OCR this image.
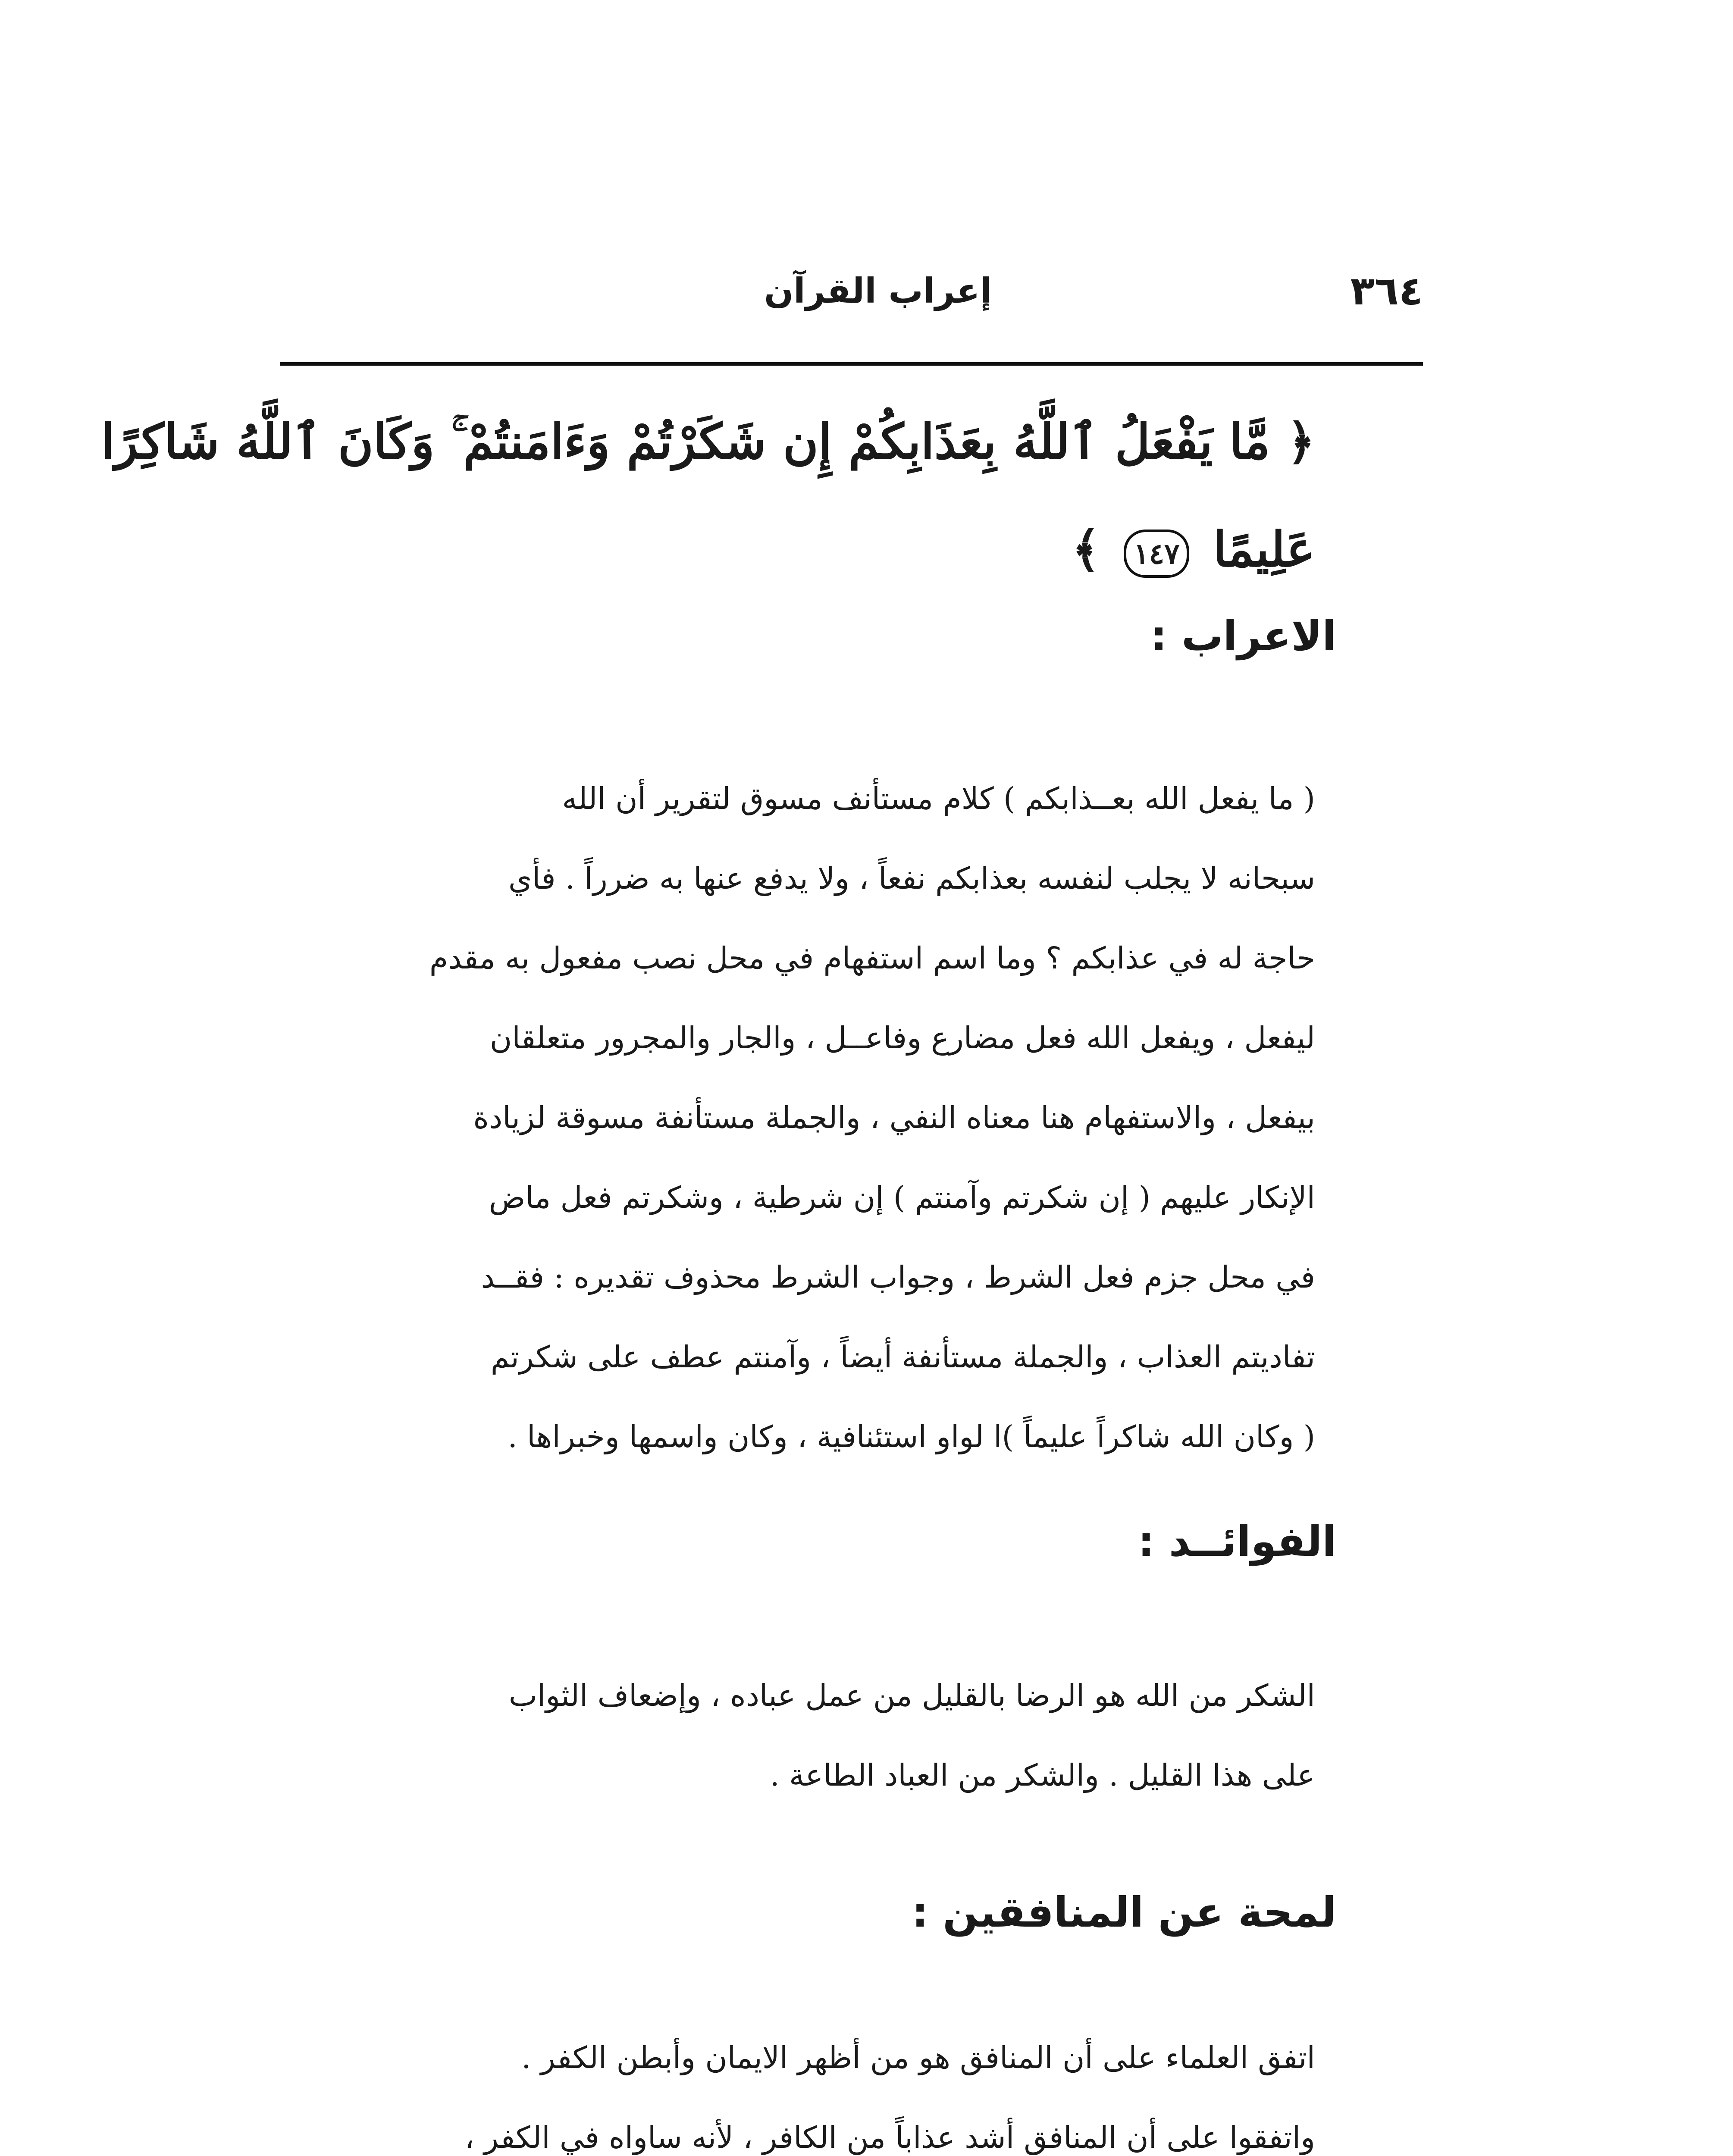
٣٦٤
إعراب القرآن
﴿ مَّا يَفْعَلُ ٱللَّهُ بِعَذَابِكُمْ إِن شَكَرْتُمْ وَءَامَنتُمْ ۚ وَكَانَ ٱللَّهُ شَاكِرًا
عَلِيمًا ١٤٧ ﴾
الاعراب :
( ما يفعل الله بعــذابكم ) كلام مستأنف مسوق لتقرير أن الله
سبحانه لا يجلب لنفسه بعذابكم نفعاً ، ولا يدفع عنها به ضرراً . فأي
حاجة له في عذابكم ؟ وما اسم استفهام في محل نصب مفعول به مقدم
ليفعل ، ويفعل الله فعل مضارع وفاعــل ، والجار والمجرور متعلقان
بيفعل ، والاستفهام هنا معناه النفي ، والجملة مستأنفة مسوقة لزيادة
الإنكار عليهم ( إن شكرتم وآمنتم ) إن شرطية ، وشكرتم فعل ماض
في محل جزم فعل الشرط ، وجواب الشرط محذوف تقديره : فقــد
تفاديتم العذاب ، والجملة مستأنفة أيضاً ، وآمنتم عطف على شكرتم
( وكان الله شاكراً عليماً )ا لواو استئنافية ، وكان واسمها وخبراها .
الفوائــد :
الشكر من الله هو الرضا بالقليل من عمل عباده ، وإضعاف الثواب
على هذا القليل . والشكر من العباد الطاعة .
لمحة عن المنافقين :
اتفق العلماء على أن المنافق هو من أظهر الايمان وأبطن الكفر .
واتفقوا على أن المنافق أشد عذاباً من الكافر ، لأنه ساواه في الكفر ،
